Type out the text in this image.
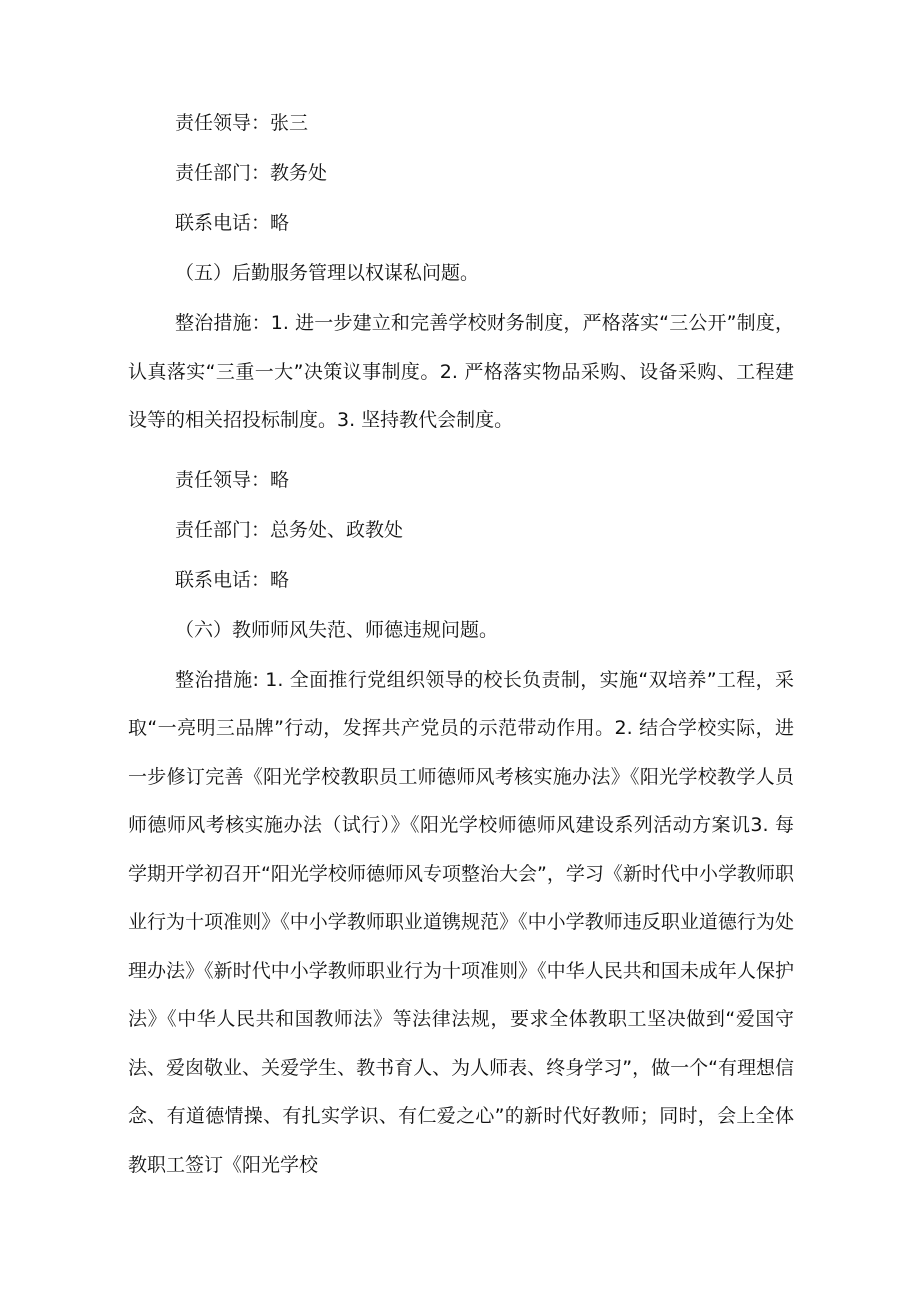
责任领导：张三

责任部门：教务处

联系电话：略

（五）后勤服务管理以权谋私问题。

整治措施：1. 进一步建立和完善学校财务制度，严格落实“三公开”制度，认真落实“三重一大”决策议事制度。2. 严格落实物品采购、设备采购、工程建设等的相关招投标制度。3. 坚持教代会制度。

责任领导：略

责任部门：总务处、政教处

联系电话：略

（六）教师师风失范、师德违规问题。

整治措施: 1. 全面推行党组织领导的校长负责制，实施“双培养”工程，采取“一亮明三品牌”行动，发挥共产党员的示范带动作用。2. 结合学校实际，进一步修订完善《阳光学校教职员工师德师风考核实施办法》《阳光学校教学人员师德师风考核实施办法（试行）》《阳光学校师德师风建设系列活动方案讥3. 每学期开学初召开“阳光学校师德师风专项整治大会”，学习《新时代中小学教师职业行为十项准则》《中小学教师职业道镌规范》《中小学教师违反职业道德行为处理办法》《新时代中小学教师职业行为十项准则》《中华人民共和国未成年人保护法》《中华人民共和国教师法》等法律法规，要求全体教职工坚决做到“爱国守法、爱囱敬业、关爱学生、教书育人、为人师表、终身学习”，做一个“有理想信念、有道德情操、有扎实学识、有仁爱之心”的新时代好教师；同时，会上全体教职工签订《阳光学校
